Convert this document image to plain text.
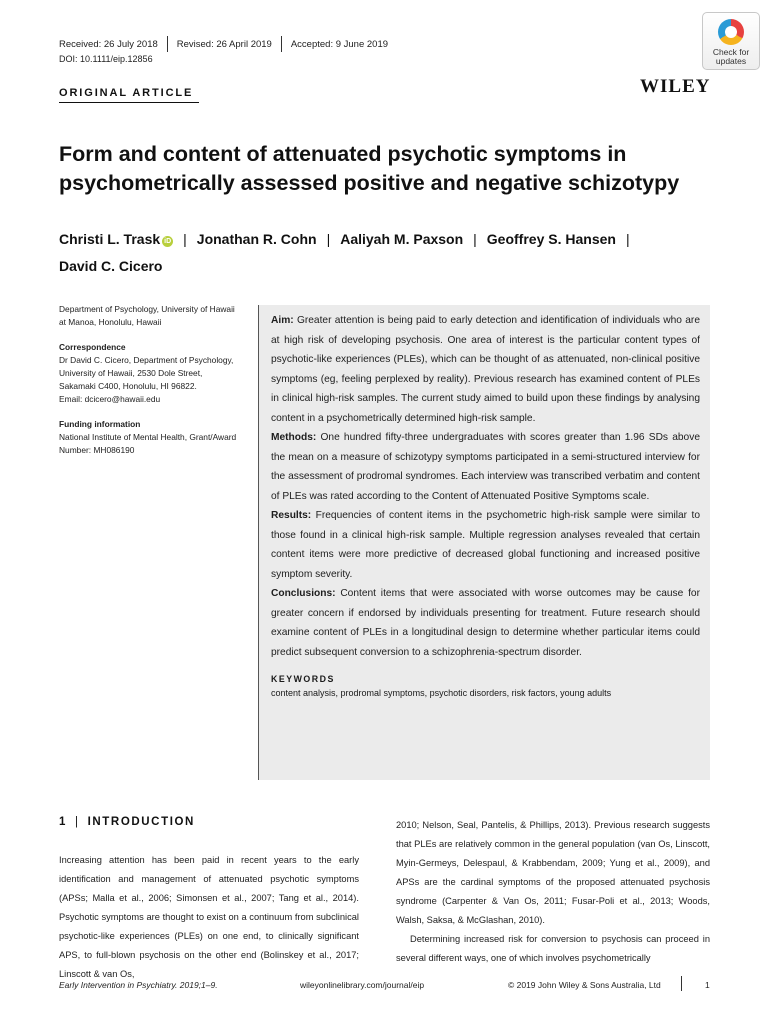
Received: 26 July 2018 Revised: 26 April 2019 Accepted: 9 June 2019
DOI: 10.1111/eip.12856
Check for
updates
ORIGINAL ARTICLE	WILEY
Form and content of attenuated psychotic symptoms in psychometrically assessed positive and negative schizotypy
Christi L. Trask iD | Jonathan R. Cohn | Aaliyah M. Paxson | Geoffrey S. Hansen |
David C. Cicero
Department of Psychology, University of Hawaii at Manoa, Honolulu, Hawaii
Correspondence
Dr David C. Cicero, Department of Psychology, University of Hawaii, 2530 Dole Street, Sakamaki C400, Honolulu, HI 96822.
Email: dcicero@hawaii.edu
Funding information
National Institute of Mental Health, Grant/Award Number: MH086190

Aim: Greater attention is being paid to early detection and identification of individuals who are at high risk of developing psychosis. One area of interest is the particular content types of psychotic-like experiences (PLEs), which can be thought of as attenuated, non-clinical positive symptoms (eg, feeling perplexed by reality). Previous research has examined content of PLEs in clinical high-risk samples. The current study aimed to build upon these findings by analysing content in a psychometrically determined high-risk sample.

Methods: One hundred fifty-three undergraduates with scores greater than 1.96 SDs above the mean on a measure of schizotypy symptoms participated in a semi-structured interview for the assessment of prodromal syndromes. Each interview was transcribed verbatim and content of PLEs was rated according to the Content of Attenuated Positive Symptoms scale.

Results: Frequencies of content items in the psychometric high-risk sample were similar to those found in a clinical high-risk sample. Multiple regression analyses revealed that certain content items were more predictive of decreased global functioning and increased positive symptom severity.

Conclusions: Content items that were associated with worse outcomes may be cause for greater concern if endorsed by individuals presenting for treatment. Future research should examine content of PLEs in a longitudinal design to determine whether particular items could predict subsequent conversion to a schizophrenia-spectrum disorder.

KEYWORDS
content analysis, prodromal symptoms, psychotic disorders, risk factors, young adults
1 | INTRODUCTION

Increasing attention has been paid in recent years to the early identification and management of attenuated psychotic symptoms (APSs; Malla et al., 2006; Simonsen et al., 2007; Tang et al., 2014). Psychotic symptoms are thought to exist on a continuum from subclinical psychotic-like experiences (PLEs) on one end, to clinically significant APS, to full-blown psychosis on the other end (Bolinskey et al., 2017; Linscott & van Os,

2010; Nelson, Seal, Pantelis, & Phillips, 2013). Previous research suggests that PLEs are relatively common in the general population (van Os, Linscott, Myin-Germeys, Delespaul, & Krabbendam, 2009; Yung et al., 2009), and APSs are the cardinal symptoms of the proposed attenuated psychosis syndrome (Carpenter & Van Os, 2011; Fusar-Poli et al., 2013; Woods, Walsh, Saksa, & McGlashan, 2010).

Determining increased risk for conversion to psychosis can proceed in several different ways, one of which involves psychometrically

Early Intervention in Psychiatry. 2019;1–9.	wileyonlinelibrary.com/journal/eip	© 2019 John Wiley & Sons Australia, Ltd	1
